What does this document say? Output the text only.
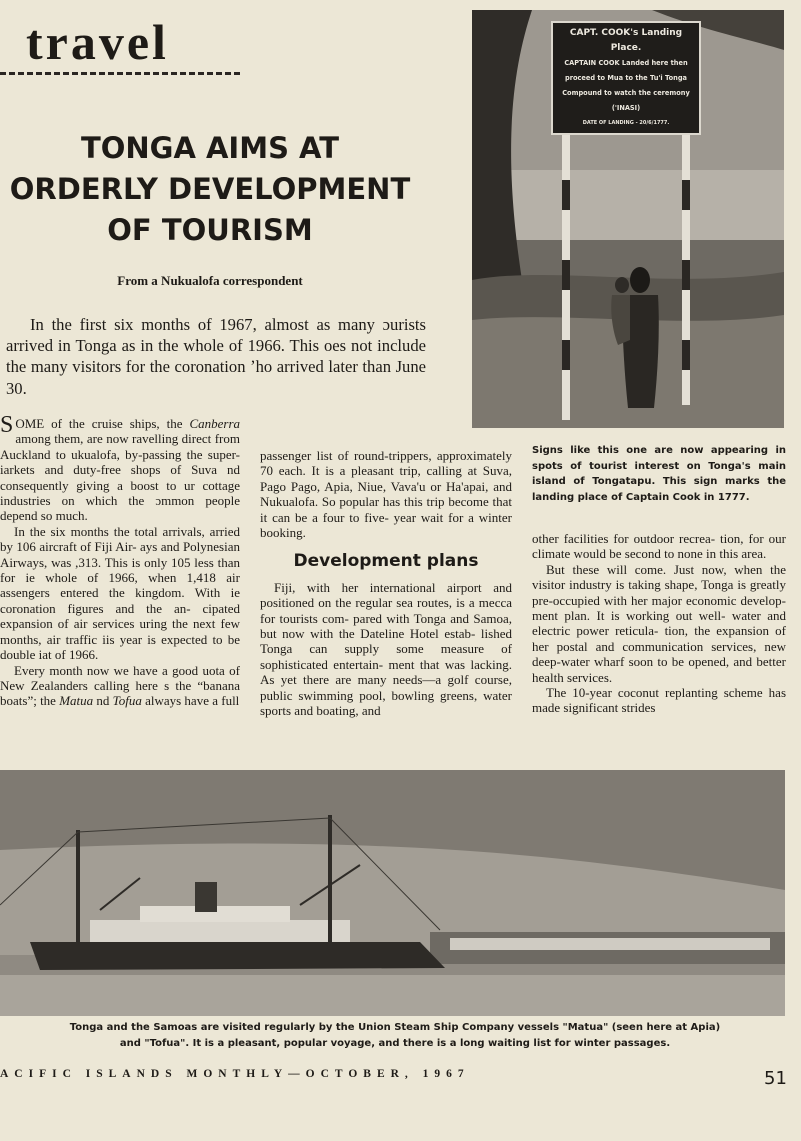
travel
TONGA AIMS AT
ORDERLY DEVELOPMENT
OF TOURISM
From a Nukualofa correspondent
In the first six months of 1967, almost as many ɔurists arrived in Tonga as in the whole of 1966. This oes not include the many visitors for the coronation ʼho arrived later than June 30.

SOME of the cruise ships, the Canberra among them, are now ravelling direct from Auckland to ukualofa, by-passing the super- iarkets and duty-free shops of Suva nd consequently giving a boost to ur cottage industries on which the ɔmmon people depend so much.

In the six months the total arrivals, arried by 106 aircraft of Fiji Air- ays and Polynesian Airways, was ,313. This is only 105 less than for ie whole of 1966, when 1,418 air assengers entered the kingdom. With ie coronation figures and the an- cipated expansion of air services uring the next few months, air traffic iis year is expected to be double iat of 1966.

Every month now we have a good uota of New Zealanders calling here s the “banana boats”; the Matua nd Tofua always have a full

passenger list of round-trippers, approximately 70 each. It is a pleasant trip, calling at Suva, Pago Pago, Apia, Niue, Vava'u or Ha'apai, and Nukualofa. So popular has this trip become that it can be a four to five- year wait for a winter booking.

Development plans

Fiji, with her international airport and positioned on the regular sea routes, is a mecca for tourists com- pared with Tonga and Samoa, but now with the Dateline Hotel estab- lished Tonga can supply some measure of sophisticated entertain- ment that was lacking. As yet there are many needs—a golf course, public swimming pool, bowling greens, water sports and boating, and

other facilities for outdoor recrea- tion, for our climate would be second to none in this area.

But these will come. Just now, when the visitor industry is taking shape, Tonga is greatly pre-occupied with her major economic develop- ment plan. It is working out well- water and electric power reticula- tion, the expansion of her postal and communication services, new deep-water wharf soon to be opened, and better health services.

The 10-year coconut replanting scheme has made significant strides

CAPT. COOK's Landing Place.
CAPTAIN COOK Landed here then
proceed to Mua to the Tu'i Tonga
Compound to watch the ceremony
('INASI)
DATE OF LANDING - 20/6/1777.
Signs like this one are now appearing in spots of tourist interest on Tonga's main island of Tongatapu. This sign marks the landing place of Captain Cook in 1777.
Tonga and the Samoas are visited regularly by the Union Steam Ship Company vessels "Matua" (seen here at Apia)
and "Tofua". It is a pleasant, popular voyage, and there is a long waiting list for winter passages.
ACIFIC ISLANDS MONTHLY—OCTOBER, 1967	51
